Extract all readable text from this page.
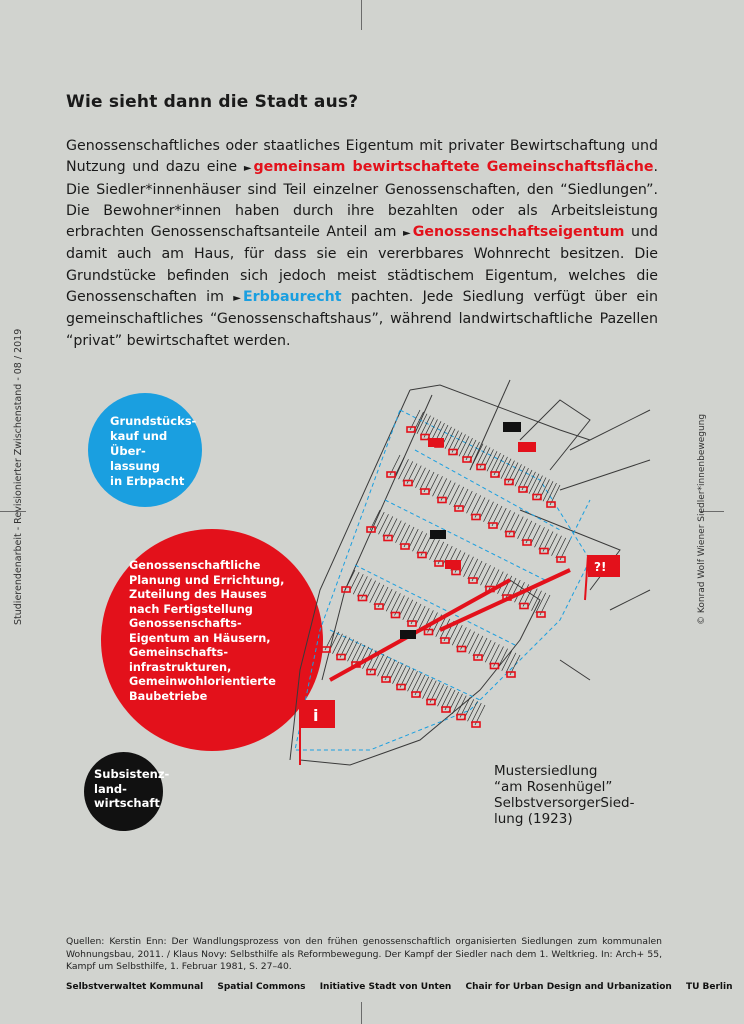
Studierendenarbeit - Revisionierter Zwischenstand - 08 / 2019	© Konrad Wolf Wiener Siedler*innenbewegung
Wie sieht dann die Stadt aus?

Genossenschaftliches oder staatliches Eigentum mit privater Bewirtschaftung und Nutzung und dazu eine ► gemeinsam bewirtschaftete Gemeinschaftsfläche. Die Siedler*innenhäuser sind Teil einzelner Genossenschaften, den “Siedlungen”. Die Bewohner*innen haben durch ihre bezahlten oder als Arbeitsleistung erbrachten Genossenschaftsanteile Anteil am ► Genossenschaftseigentum und damit auch am Haus, für dass sie ein vererbbares Wohnrecht besitzen. Die Grundstücke befinden sich jedoch meist städtischem Eigentum, welches die Genossenschaften im ► Erbbaurecht pachten. Jede Siedlung verfügt über ein gemeinschaftliches “Genossenschaftshaus”, während landwirtschaftliche Pazellen “privat” bewirtschaftet werden.

Grundstücks-
kauf und Über-
lassung
in Erbpacht
Genossenschaftliche
Planung und Errichtung,
Zuteilung des Hauses
nach Fertigstellung
Genossenschafts-
Eigentum an Häusern,
Gemeinschafts-
infrastrukturen,
Gemeinwohlorientierte
Baubetriebe
Subsistenz-
land-
wirtschaft
i
?!
Mustersiedlung
“am Rosenhügel”
SelbstversorgerSied-
lung (1923)
Quellen: Kerstin Enn: Der Wandlungsprozess von den frühen genossenschaftlich organisierten Siedlungen zum kommunalen Wohnungsbau, 2011. / Klaus Novy: Selbsthilfe als Reformbewegung. Der Kampf der Siedler nach dem 1. Weltkrieg. In: Arch+ 55, Kampf um Selbsthilfe, 1. Februar 1981, S. 27–40.
Selbstverwaltet Kommunal Spatial Commons Initiative Stadt von Unten Chair for Urban Design and Urbanization TU Berlin
